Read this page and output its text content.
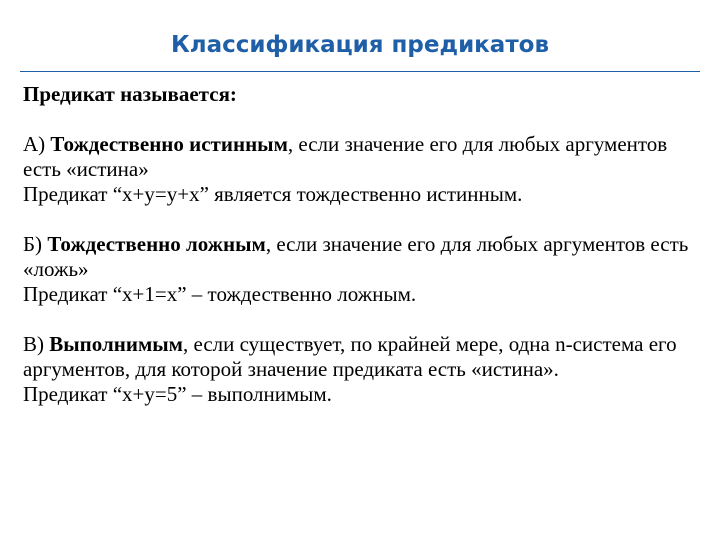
Классификация предикатов

Предикат называется:

А) Тождественно истинным, если значение его для любых аргументов есть «истина»

Предикат “x+y=y+x” является тождественно истинным.

Б) Тождественно ложным, если значение его для любых аргументов есть «ложь»

Предикат “x+1=x” – тождественно ложным.

В) Выполнимым, если существует, по крайней мере, одна n-система его аргументов, для которой значение предиката есть «истина».

Предикат “x+y=5” – выполнимым.
